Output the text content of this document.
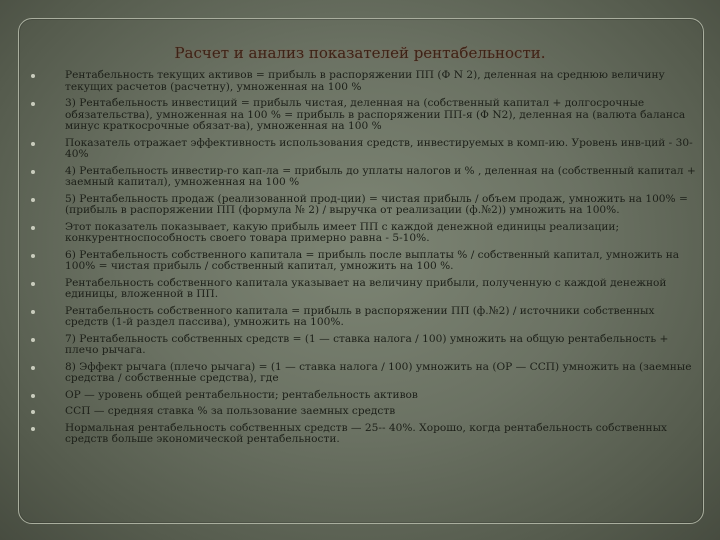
Расчет и анализ показателей рентабельности.
Рентабельность текущих активов = прибыль в распоряжении ПП (Ф N 2), деленная на среднюю величину текущих расчетов (расчетну), умноженная на 100 %
3) Рентабельность инвестиций = прибыль чистая, деленная на (собственный капитал + долгосрочные обязательства), умноженная на 100 % = прибыль в распоряжении ПП-я (Ф N2), деленная на (валюта баланса минус краткосрочные обязат-ва), умноженная на 100 %
Показатель отражает эффективность использования средств, инвестируемых в комп-ию. Уровень инв-ций - 30-40%
4) Рентабельность инвестир-го кап-ла = прибыль до уплаты налогов и % , деленная на (собственный капитал + заемный капитал), умноженная на 100 %
5) Рентабельность продаж (реализованной прод-ции) = чистая прибыль / объем продаж, умножить на 100% = (прибыль в распоряжении ПП (формула № 2) / выручка от реализации (ф.№2)) умножить на 100%.
Этот показатель показывает, какую прибыль имеет ПП с каждой денежной единицы реализации; конкурентноспособность своего товара примерно равна - 5-10%.
6) Рентабельность собственного капитала = прибыль после выплаты % / собственный капитал, умножить на 100% = чистая прибыль / собственный капитал, умножить на 100 %.
Рентабельность собственного капитала указывает на величину прибыли, полученную с каждой денежной единицы, вложенной в ПП.
Рентабельность собственного капитала = прибыль в распоряжении ПП (ф.№2) / источники собственных средств (1-й раздел пассива), умножить на 100%.
7) Рентабельность собственных средств = (1 — ставка налога / 100) умножить на общую рентабельность + плечо рычага.
8) Эффект рычага (плечо рычага) = (1 — ставка налога / 100) умножить на (ОР — ССП) умножить на (заемные средства / собственные средства), где
ОР — уровень общей рентабельности; рентабельность активов
ССП — средняя ставка % за пользование заемных средств
Нормальная рентабельность собственных средств — 25-- 40%. Хорошо, когда рентабельность собственных средств больше экономической рентабельности.
